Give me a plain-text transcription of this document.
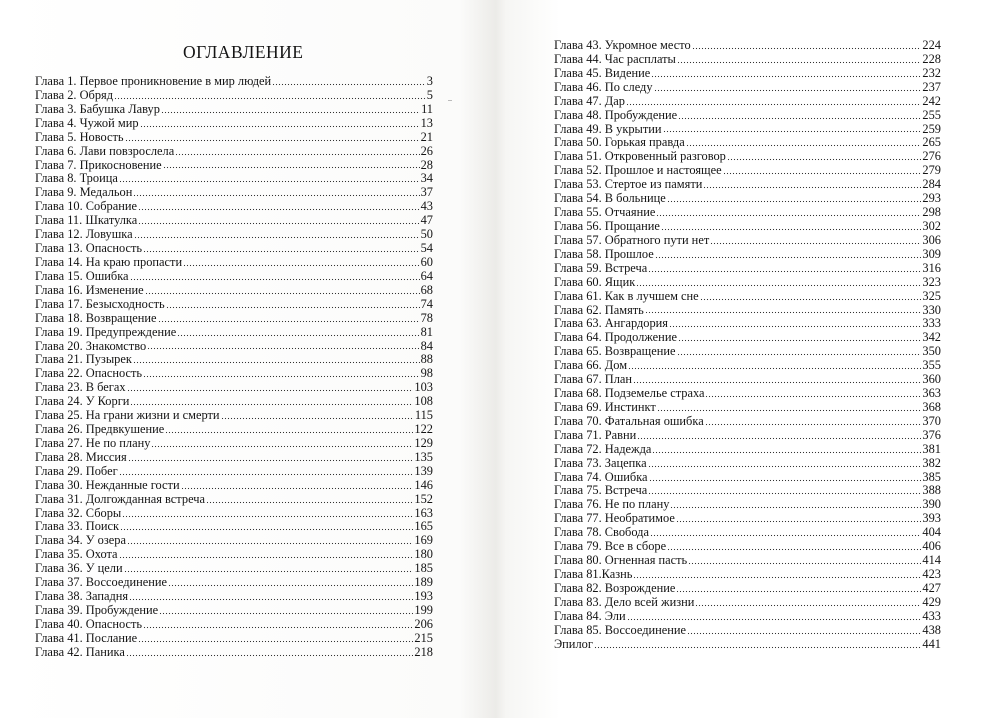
ОГЛАВЛЕНИЕ
Глава 1. Первое проникновение в мир людей	3
Глава 2. Обряд	5
Глава 3. Бабушка Лавур	11
Глава 4. Чужой мир	13
Глава 5. Новость	21
Глава 6. Лави повзрослела	26
Глава 7. Прикосновение	28
Глава 8. Троица	34
Глава 9. Медальон	37
Глава 10. Собрание	43
Глава 11. Шкатулка	47
Глава 12. Ловушка	50
Глава 13. Опасность	54
Глава 14. На краю пропасти	60
Глава 15. Ошибка	64
Глава 16. Изменение	68
Глава 17. Безысходность	74
Глава 18. Возвращение	78
Глава 19. Предупреждение	81
Глава 20. Знакомство	84
Глава 21. Пузырек	88
Глава 22. Опасность	98
Глава 23. В бегах	103
Глава 24. У Корги	108
Глава 25. На грани жизни и смерти	115
Глава 26. Предвкушение	122
Глава 27. Не по плану	129
Глава 28. Миссия	135
Глава 29. Побег	139
Глава 30. Нежданные гости	146
Глава 31. Долгожданная встреча	152
Глава 32. Сборы	163
Глава 33. Поиск	165
Глава 34. У озера	169
Глава 35. Охота	180
Глава 36. У цели	185
Глава 37. Воссоединение	189
Глава 38. Западня	193
Глава 39. Пробуждение	199
Глава 40. Опасность	206
Глава 41. Послание	215
Глава 42. Паника	218
Глава 43. Укромное место	224
Глава 44. Час расплаты	228
Глава 45. Видение	232
Глава 46. По следу	237
Глава 47. Дар	242
Глава 48. Пробуждение	255
Глава 49. В укрытии	259
Глава 50. Горькая правда	265
Глава 51. Откровенный разговор	276
Глава 52. Прошлое и настоящее	279
Глава 53. Стертое из памяти	284
Глава 54. В больнице	293
Глава 55. Отчаяние	298
Глава 56. Прощание	302
Глава 57. Обратного пути нет	306
Глава 58. Прошлое	309
Глава 59. Встреча	316
Глава 60. Ящик	323
Глава 61. Как в лучшем сне	325
Глава 62. Память	330
Глава 63. Ангардория	333
Глава 64. Продолжение	342
Глава 65. Возвращение	350
Глава 66. Дом	355
Глава 67. План	360
Глава 68. Подземелье страха	363
Глава 69. Инстинкт	368
Глава 70. Фатальная ошибка	370
Глава 71. Равни	376
Глава 72. Надежда	381
Глава 73. Зацепка	382
Глава 74. Ошибка	385
Глава 75. Встреча	388
Глава 76. Не по плану	390
Глава 77. Необратимое	393
Глава 78. Свобода	404
Глава 79. Все в сборе	406
Глава 80. Огненная пасть	414
Глава 81.Казнь	423
Глава 82. Возрождение	427
Глава 83. Дело всей жизни	429
Глава 84. Эли	433
Глава 85. Воссоединение	438
Эпилог	441
